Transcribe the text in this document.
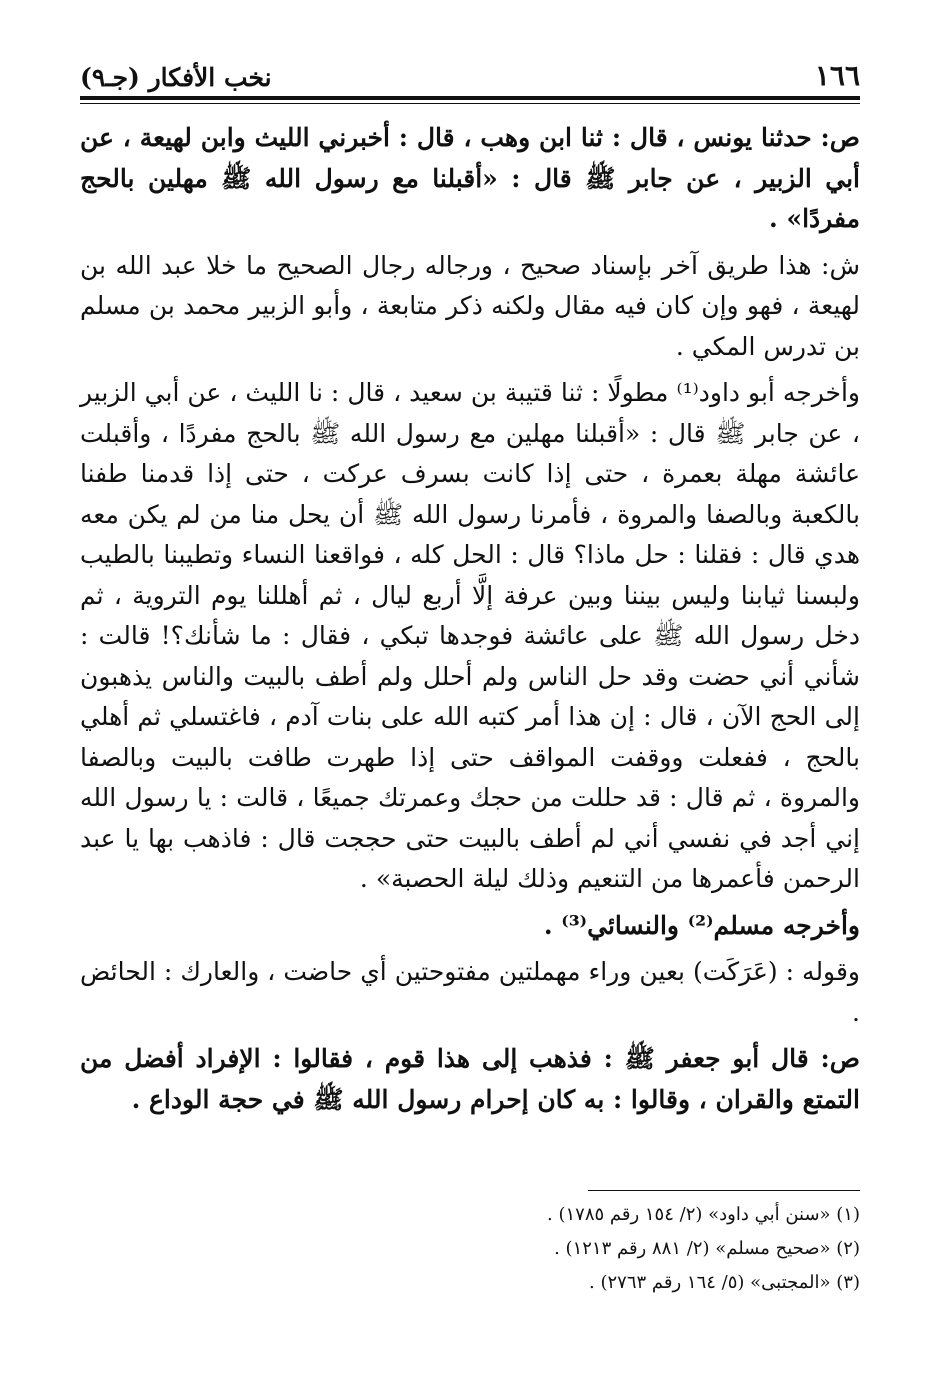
١٦٦
نخب الأفكار (جـ٩)

ص: حدثنا يونس ، قال : ثنا ابن وهب ، قال : أخبرني الليث وابن لهيعة ، عن أبي الزبير ، عن جابر ﷺ قال : «أقبلنا مع رسول الله ﷺ مهلين بالحج مفردًا» .

ش: هذا طريق آخر بإسناد صحيح ، ورجاله رجال الصحيح ما خلا عبد الله بن لهيعة ، فهو وإن كان فيه مقال ولكنه ذكر متابعة ، وأبو الزبير محمد بن مسلم بن تدرس المكي .

وأخرجه أبو داود⁽¹⁾ مطولًا : ثنا قتيبة بن سعيد ، قال : نا الليث ، عن أبي الزبير ، عن جابر ﷺ قال : «أقبلنا مهلين مع رسول الله ﷺ بالحج مفردًا ، وأقبلت عائشة مهلة بعمرة ، حتى إذا كانت بسرف عركت ، حتى إذا قدمنا طفنا بالكعبة وبالصفا والمروة ، فأمرنا رسول الله ﷺ أن يحل منا من لم يكن معه هدي قال : فقلنا : حل ماذا؟ قال : الحل كله ، فواقعنا النساء وتطيبنا بالطيب ولبسنا ثيابنا وليس بيننا وبين عرفة إلَّا أربع ليال ، ثم أهللنا يوم التروية ، ثم دخل رسول الله ﷺ على عائشة فوجدها تبكي ، فقال : ما شأنك؟! قالت : شأني أني حضت وقد حل الناس ولم أحلل ولم أطف بالبيت والناس يذهبون إلى الحج الآن ، قال : إن هذا أمر كتبه الله على بنات آدم ، فاغتسلي ثم أهلي بالحج ، ففعلت ووقفت المواقف حتى إذا طهرت طافت بالبيت وبالصفا والمروة ، ثم قال : قد حللت من حجك وعمرتك جميعًا ، قالت : يا رسول الله إني أجد في نفسي أني لم أطف بالبيت حتى حججت قال : فاذهب بها يا عبد الرحمن فأعمرها من التنعيم وذلك ليلة الحصبة» .

وأخرجه مسلم⁽²⁾ والنسائي⁽³⁾ .

وقوله : (عَرَكَت) بعين وراء مهملتين مفتوحتين أي حاضت ، والعارك : الحائض .

ص: قال أبو جعفر ﷺ : فذهب إلى هذا قوم ، فقالوا : الإفراد أفضل من التمتع والقران ، وقالوا : به كان إحرام رسول الله ﷺ في حجة الوداع .

(١) «سنن أبي داود» (٢/ ١٥٤ رقم ١٧٨٥) .
(٢) «صحيح مسلم» (٢/ ٨٨١ رقم ١٢١٣) .
(٣) «المجتبى» (٥/ ١٦٤ رقم ٢٧٦٣) .
